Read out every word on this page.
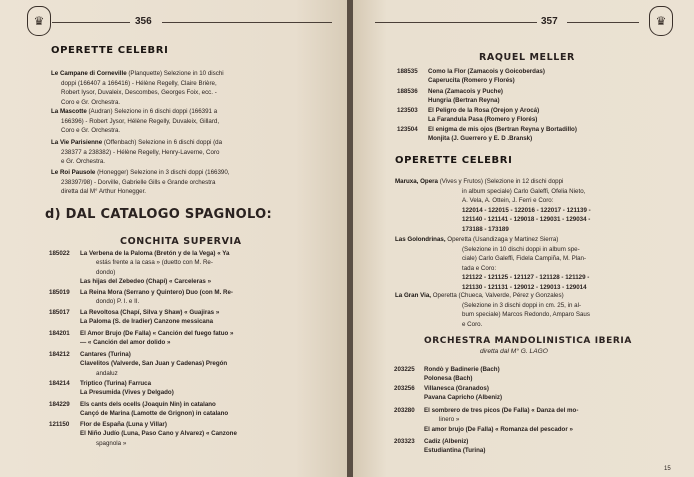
♛	356
OPERETTE CELEBRI
Le Campane di Corneville (Planquette) Selezione in 10 dischi
doppi (166407 a 166416) - Hélène Regelly, Claire Brière,
Robert Iysor, Duvaleix, Descombes, Georges Foix, ecc. -
Coro e Gr. Orchestra.
La Mascotte (Audran) Selezione in 6 dischi doppi (166391 a
166396) - Robert Jysor, Hélène Regelly, Duvaleix, Gillard,
Coro e Gr. Orchestra.
La Vie Parisienne (Offenbach) Selezione in 6 dischi doppi (da
238377 a 238382) - Hélène Regelly, Henry-Laverne, Coro
e Gr. Orchestra.
Le Roi Pausole (Honegger) Selezione in 3 dischi doppi (166390,
238397/98) - Dorville, Gabrielle Gills e Grande orchestra
diretta dal M° Arthur Honegger.
d) DAL CATALOGO SPAGNOLO:
CONCHITA SUPERVIA
185022 La Verbena de la Paloma (Bretón y de la Vega) « Ya
estás frente a la casa » (duetto con M. Re-
dondo)
Las hijas del Zebedeo (Chapí) « Carceleras »
185019 La Reina Mora (Serrano y Quintero) Duo (con M. Re-
dondo) P. I. e II.
185017 La Revoltosa (Chapí, Silva y Shaw) « Guajiras »
La Paloma (S. de Iradier) Canzone messicana
184201 El Amor Brujo (De Falla) « Canción del fuego fatuo »
— « Canción del amor dolido »
184212 Cantares (Turina)
Clavelitos (Valverde, San Juan y Cadenas) Pregón
andaluz
184214 Triptico (Turina) Farruca
La Presumida (Vives y Delgado)
184229 Els cants dels ocells (Joaquín Nin) in catalano
Cançó de Marina (Lamotte de Grignon) in catalano
121150 Flor de España (Luna y Villar)
El Niño Judío (Luna, Paso Cano y Alvarez) « Canzone
spagnola »
357	♛
RAQUEL MELLER
188535 Como la Flor (Zamacois y Goicoberdas)
Caperucita (Romero y Florés)
188536 Nena (Zamacois y Puche)
Hungria (Bertran Reyna)
123503 El Peligro de la Rosa (Orejon y Arocá)
La Farandula Pasa (Romero y Florés)
123504 El enigma de mis ojos (Bertran Reyna y Bortadillo)
Monjita (J. Guerrero y E. D .Bransk)
OPERETTE CELEBRI
Maruxa, Opera (Vives y Frutos) (Selezione in 12 dischi doppi
in album speciale) Carlo Galeffi, Ofelia Nieto,
A. Vela, A. Ottein, J. Ferri e Coro:
122014 - 122015 - 122016 - 122017 - 121139 -
121140 - 121141 - 129018 - 129031 - 129034 -
173188 - 173189
Las Golondrinas, Operetta (Usandizaga y Martinez Sierra)
(Selezione in 10 dischi doppi in album spe-
ciale) Carlo Galeffi, Fidela Campiña, M. Plan-
tada e Coro:
121122 - 121125 - 121127 - 121128 - 121129 -
121130 - 121131 - 129012 - 129013 - 129014
La Gran Via, Operetta (Chueca, Valverde, Pérez y Gonzales)
(Selezione in 3 dischi doppi in cm. 25, in al-
bum speciale) Marcos Redondo, Amparo Saus
e Coro.
ORCHESTRA MANDOLINISTICA IBERIA
diretta dal M° G. LAGO
203225 Rondò y Badinerie (Bach)
Polonesa (Bach)
203256 Villanesca (Granados)
Pavana Capricho (Albeniz)
203280 El sombrero de tres picos (De Falla) « Danza del mo-
linero »
El amor brujo (De Falla) « Romanza del pescador »
203323 Cadiz (Albeniz)
Estudiantina (Turina)
15
